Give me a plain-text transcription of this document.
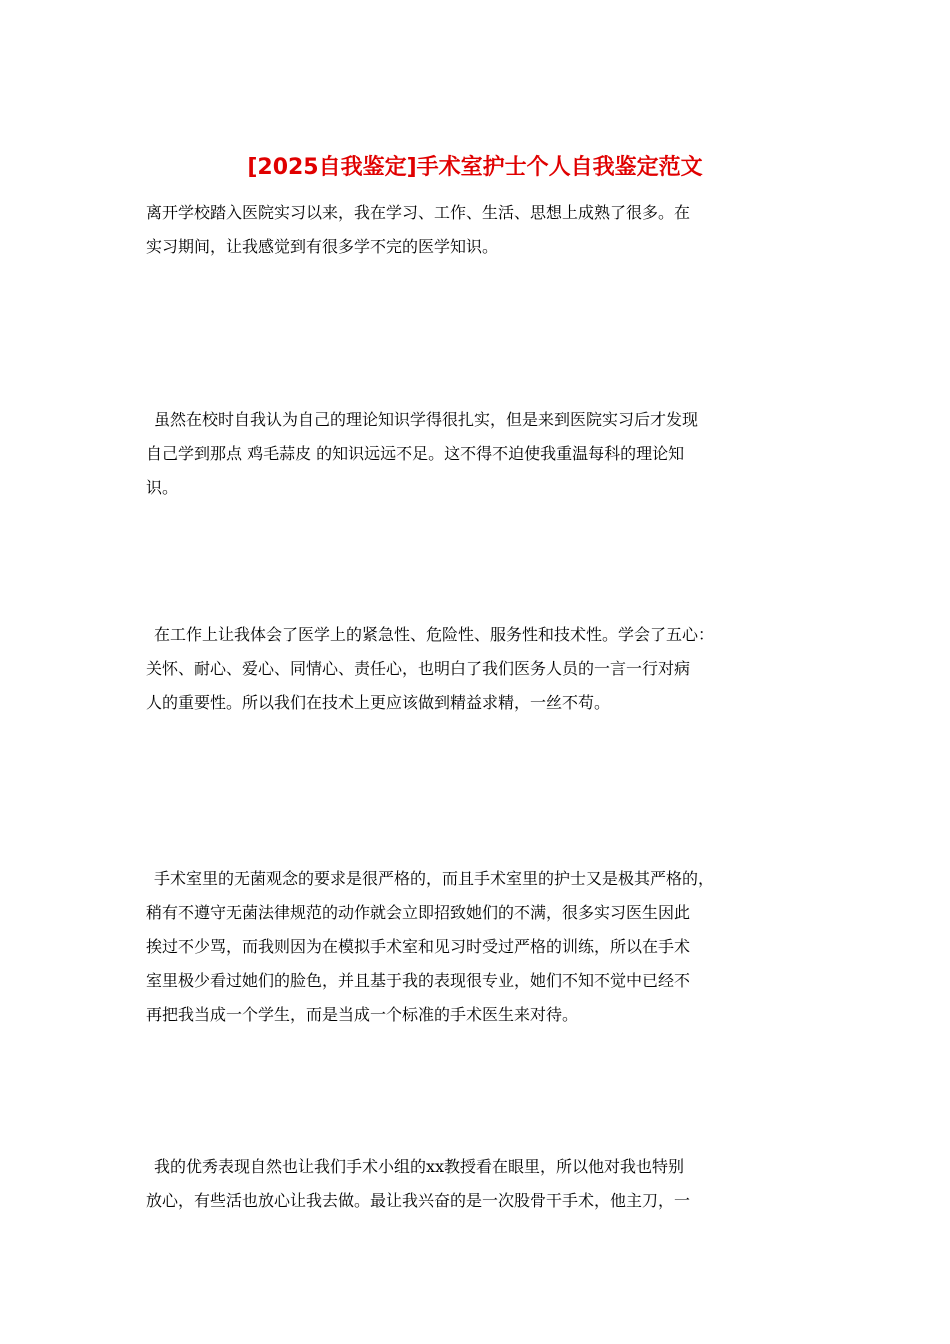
[2025自我鉴定]手术室护士个人自我鉴定范文
离开学校踏入医院实习以来，我在学习、工作、生活、思想上成熟了很多。在
实习期间，让我感觉到有很多学不完的医学知识。
虽然在校时自我认为自己的理论知识学得很扎实，但是来到医院实习后才发现
自己学到那点 鸡毛蒜皮 的知识远远不足。这不得不迫使我重温每科的理论知
识。
在工作上让我体会了医学上的紧急性、危险性、服务性和技术性。学会了五心：
关怀、耐心、爱心、同情心、责任心，也明白了我们医务人员的一言一行对病
人的重要性。所以我们在技术上更应该做到精益求精，一丝不苟。
手术室里的无菌观念的要求是很严格的，而且手术室里的护士又是极其严格的，
稍有不遵守无菌法律规范的动作就会立即招致她们的不满，很多实习医生因此
挨过不少骂，而我则因为在模拟手术室和见习时受过严格的训练，所以在手术
室里极少看过她们的脸色，并且基于我的表现很专业，她们不知不觉中已经不
再把我当成一个学生，而是当成一个标准的手术医生来对待。
我的优秀表现自然也让我们手术小组的xx教授看在眼里，所以他对我也特别
放心，有些活也放心让我去做。最让我兴奋的是一次股骨干手术，他主刀，一
